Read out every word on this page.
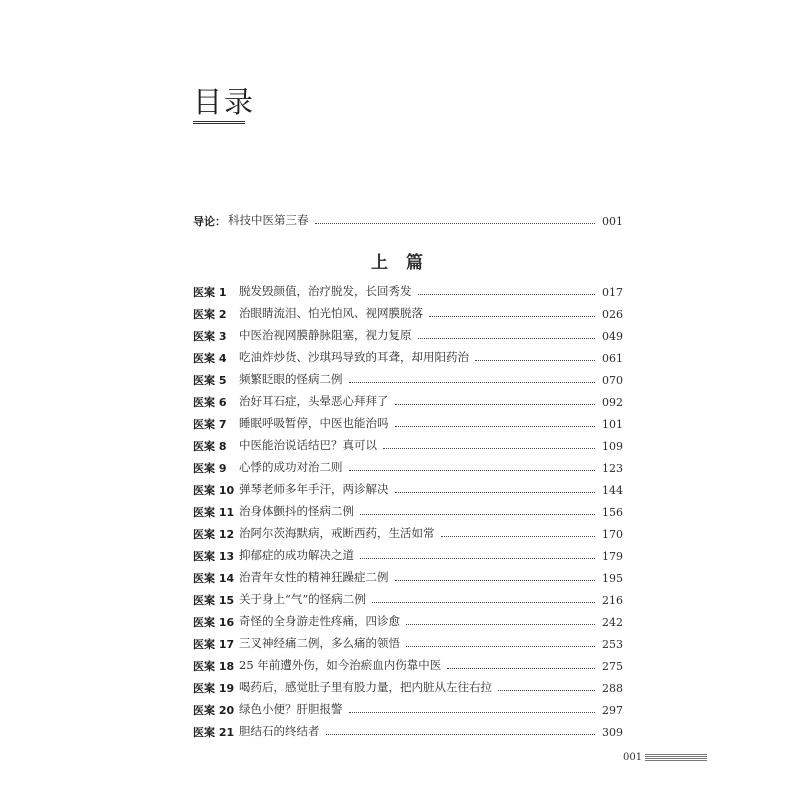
目录
导论： 科技中医第三春	001
上 篇
医案 1	脱发毁颜值，治疗脱发，长回秀发	017
医案 2	治眼睛流泪、怕光怕风、视网膜脱落	026
医案 3	中医治视网膜静脉阻塞，视力复原	049
医案 4	吃油炸炒货、沙琪玛导致的耳聋，却用阳药治	061
医案 5	频繁眨眼的怪病二例	070
医案 6	治好耳石症，头晕恶心拜拜了	092
医案 7	睡眠呼吸暂停，中医也能治吗	101
医案 8	中医能治说话结巴？真可以	109
医案 9	心悸的成功对治二则	123
医案 10 弹琴老师多年手汗，两诊解决	144
医案 11 治身体颤抖的怪病二例	156
医案 12 治阿尔茨海默病，戒断西药，生活如常	170
医案 13 抑郁症的成功解决之道	179
医案 14 治青年女性的精神狂躁症二例	195
医案 15 关于身上“气”的怪病二例	216
医案 16 奇怪的全身游走性疼痛，四诊愈	242
医案 17 三叉神经痛二例，多么痛的领悟	253
医案 18 25 年前遭外伤，如今治瘀血内伤靠中医	275
医案 19 喝药后，感觉肚子里有股力量，把内脏从左往右拉	288
医案 20 绿色小便？肝胆报警	297
医案 21 胆结石的终结者	309
001
